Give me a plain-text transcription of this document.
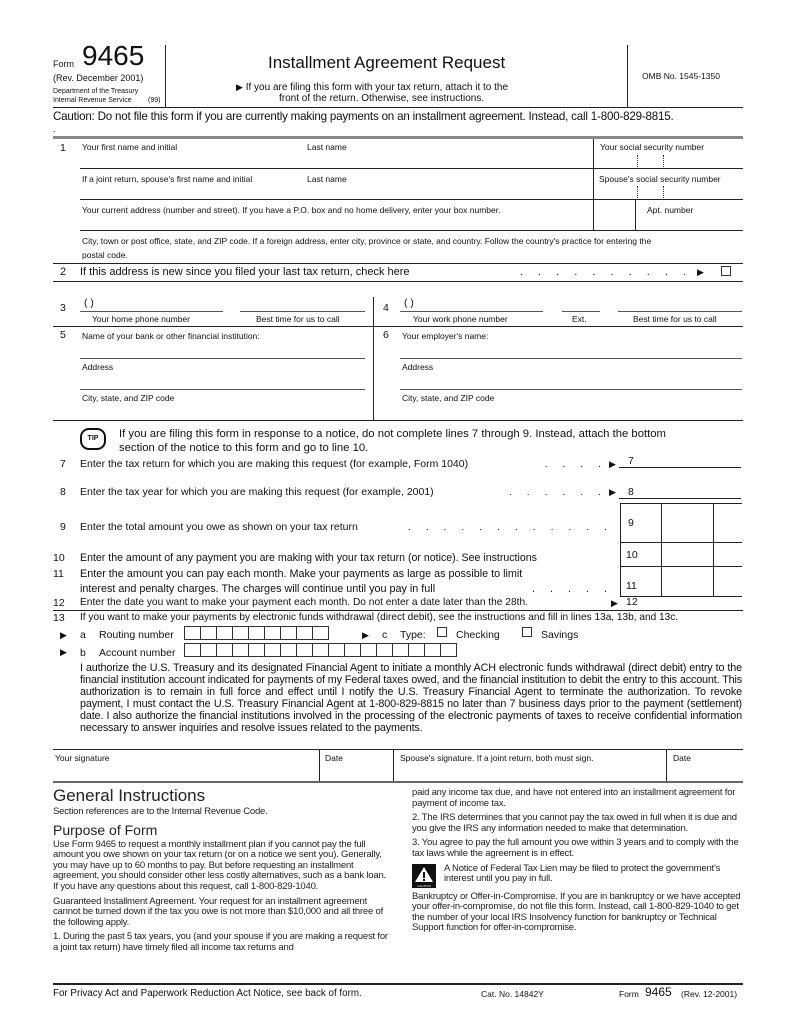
Form 9465
(Rev. December 2001)
Department of the Treasury
Internal Revenue Service (99)
Installment Agreement Request
▶ If you are filing this form with your tax return, attach it to the
front of the return. Otherwise, see instructions.
OMB No. 1545-1350
Caution: Do not file this form if you are currently making payments on an installment agreement. Instead, call 1-800-829-8815.
.
1 Your first name and initial	Last name	Your social security number
If a joint return, spouse's first name and initial	Last name	Spouse's social security number
Your current address (number and street). If you have a P.O. box and no home delivery, enter your box number.	Apt. number
City, town or post office, state, and ZIP code. If a foreign address, enter city, province or state, and country. Follow the country's practice for entering the
postal code.
2 If this address is new since you filed your last tax return, check here	. . . . . . . . . . ▶
3 ( )
Your home phone number	Best time for us to call
4 ( )
Your work phone number	Ext.	Best time for us to call
5 Name of your bank or other financial institution:
Address
City, state, and ZIP code
6 Your employer's name:
Address
City, state, and ZIP code
TIP	If you are filing this form in response to a notice, do not complete lines 7 through 9. Instead, attach the bottom
section of the notice to this form and go to line 10.
7 Enter the tax return for which you are making this request (for example, Form 1040)	. . . . ▶ 7
8 Enter the tax year for which you are making this request (for example, 2001)	. . . . . . ▶ 8
9 Enter the total amount you owe as shown on your tax return	. . . . . . . . . . . . 9
10 Enter the amount of any payment you are making with your tax return (or notice). See instructions	10
11 Enter the amount you can pay each month. Make your payments as large as possible to limit
interest and penalty charges. The charges will continue until you pay in full	. . . . . 11
12 Enter the date you want to make your payment each month. Do not enter a date later than the 28th.	▶ 12
13 If you want to make your payments by electronic funds withdrawal (direct debit), see the instructions and fill in lines 13a, 13b, and 13c.
▶ a Routing number	▶ c Type:	Checking	Savings
▶ b Account number
I authorize the U.S. Treasury and its designated Financial Agent to initiate a monthly ACH electronic funds withdrawal (direct debit) entry to the financial institution account indicated for payments of my Federal taxes owed, and the financial institution to debit the entry to this account. This authorization is to remain in full force and effect until I notify the U.S. Treasury Financial Agent to terminate the authorization. To revoke payment, I must contact the U.S. Treasury Financial Agent at 1-800-829-8815 no later than 7 business days prior to the payment (settlement) date. I also authorize the financial institutions involved in the processing of the electronic payments of taxes to receive confidential information necessary to answer inquiries and resolve issues related to the payments.
Your signature	Date	Spouse's signature. If a joint return, both must sign.	Date
General Instructions

Section references are to the Internal Revenue Code.

Purpose of Form

Use Form 9465 to request a monthly installment plan if you cannot pay the full amount you owe shown on your tax return (or on a notice we sent you). Generally, you may have up to 60 months to pay. But before requesting an installment agreement, you should consider other less costly alternatives, such as a bank loan. If you have any questions about this request, call 1-800-829-1040.

Guaranteed Installment Agreement. Your request for an installment agreement cannot be turned down if the tax you owe is not more than $10,000 and all three of the following apply.

1. During the past 5 tax years, you (and your spouse if you are making a request for a joint tax return) have timely filed all income tax returns and

paid any income tax due, and have not entered into an installment agreement for payment of income tax.

2. The IRS determines that you cannot pay the tax owed in full when it is due and you give the IRS any information needed to make that determination.

3. You agree to pay the full amount you owe within 3 years and to comply with the tax laws while the agreement is in effect.

CAUTION
A Notice of Federal Tax Lien may be filed to protect the government's interest until you pay in full.

Bankruptcy or Offer-in-Compromise. If you are in bankruptcy or we have accepted your offer-in-compromise, do not file this form. Instead, call 1-800-829-1040 to get the number of your local IRS Insolvency function for bankruptcy or Technical Support function for offer-in-compromise.

For Privacy Act and Paperwork Reduction Act Notice, see back of form.	Cat. No. 14842Y	Form 9465 (Rev. 12-2001)
